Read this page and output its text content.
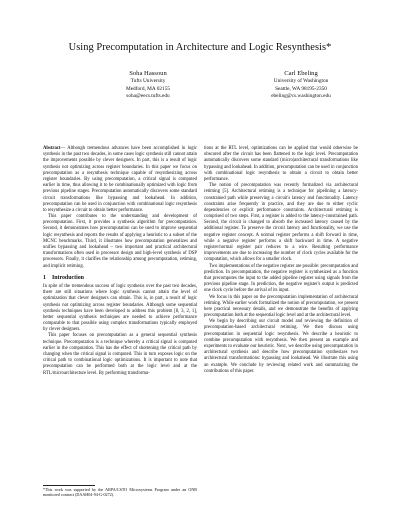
Using Precomputation in Architecture and Logic Resynthesis*
Soha Hassoun
Tufts University
Medford, MA 02155
soha@eecs.tufts.edu
Carl Ebeling
University of Washington
Seattle, WA 98195-2350
ebeling@cs.washington.edu

Abstract— Although tremendous advances have been accomplished in logic synthesis in the past two decades, in some cases logic synthesis still cannot attain the improvements possible by clever designers. In part, this is a result of logic synthesis not optimizing across register boundaries. In this paper we focus on precomputation as a resynthesis technique capable of resynthesizing across register boundaries. By using precomputation, a critical signal is computed earlier in time, thus allowing it to be combinationally optimized with logic from previous pipeline stages. Precomputation automatically discovers some standard circuit transformations like bypassing and lookahead. In addition, precomputation can be used in conjunction with combinational logic resynthesis to resynthesize a circuit to obtain better performance.

This paper contributes to the understanding and development of precomputation. First, it provides a synthesis algorithm for precomputation. Second, it demonstrates how precomputation can be used to improve sequential logic resynthesis and reports the results of applying a heuristic to a subset of the MCNC benchmarks. Third, it illustrates how precomputation generalizes and unifies bypassing and lookahead – two important and practical architectural transformations often used in processor design and high-level synthesis of DSP processors. Finally, it clarifies the relationship among precomputation, retiming, and implicit retiming.

1 Introduction

In spite of the tremendous success of logic synthesis over the past two decades, there are still situations where logic synthesis cannot attain the level of optimization that clever designers can obtain. This is, in part, a result of logic synthesis not optimizing across register boundaries. Although some sequential synthesis techniques have been developed to address this problem [8, 3, 2, 1], better sequential synthesis techniques are needed to achieve performance comparable to that possible using complex transformations typically employed by clever designers.

This paper focuses on precomputation as a general sequential synthesis technique. Precomputation is a technique whereby a critical signal is computed earlier in the computation. This has the effect of shortening the critical path by changing when the critical signal is computed. This in turn exposes logic on the critical path to combinational logic optimizations. It is important to note that precomputation can be performed both at the logic level and at the RTL/microarchitecture level. By performing transforma-

*This work was supported by the ARPA/CSTO Microsystems Program under an ONR monitored contract (DAAH04-94-G-0272).

tions at the RTL level, optimizations can be applied that would otherwise be obscured after the circuit has been flattened to the logic level. Precomputation automatically discovers some standard (micro)architectural transformations like bypassing and lookahead. In addition, precomputation can be used in conjunction with combinational logic resynthesis to obtain a circuit to obtain better performance.

The notion of precomputation was recently formalized via architectural retiming [5]. Architectural retiming is a technique for pipelining a latency-constrained path while preserving a circuit's latency and functionality. Latency constraints arise frequently in practice, and they are due to either cyclic dependencies or explicit performance constraints. Architectural retiming is comprised of two steps. First, a register is added to the latency-constrained path. Second, the circuit is changed to absorb the increased latency caused by the additional register. To preserve the circuit latency and functionality, we use the negative register concept. A normal register performs a shift forward in time, while a negative register performs a shift backward in time. A negative register/normal register pair reduces to a wire. Resulting performance improvements are due to increasing the number of clock cycles available for the computation, which allows for a smaller clock.

Two implementations of the negative register are possible: precomputation and prediction. In precomputation, the negative register is synthesized as a function that precomputes the input to the added pipeline register using signals from the previous pipeline stage. In prediction, the negative register's output is predicted one clock cycle before the arrival of its input.

We focus in this paper on the precomputation implementation of architectural retiming. While earlier work formalized the notion of precomputation, we present here practical necessary details, and we demonstrate the benefits of applying precomputation both at the sequential logic level and at the architectural level.

We begin by describing our circuit model and reviewing the definition of precomputation-based architectural retiming. We then discuss using precomputation in sequential logic resynthesis. We describe a heuristic to combine precomputation with resynthesis. We then present an example and experiments to evaluate our heuristic. Next, we describe using precomputation in architectural synthesis and describe how precomputation synthesizes two architectural transformations: bypassing and lookahead. We illustrate this using an example. We conclude by reviewing related work and summarizing the contributions of this paper.
